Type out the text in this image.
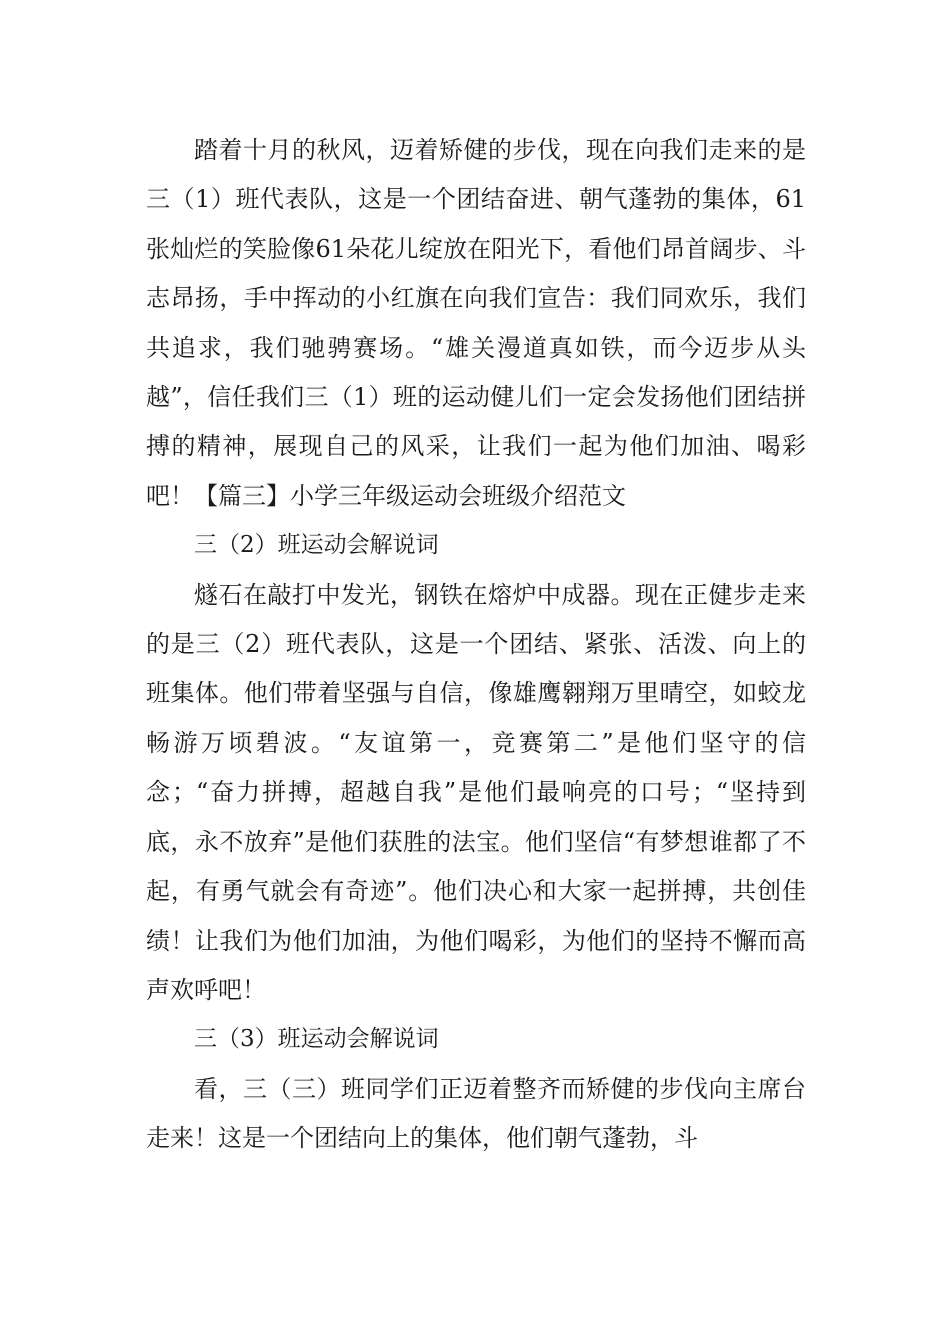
踏着十月的秋风，迈着矫健的步伐，现在向我们走来的是三（1）班代表队，这是一个团结奋进、朝气蓬勃的集体，61张灿烂的笑脸像61朵花儿绽放在阳光下，看他们昂首阔步、斗志昂扬，手中挥动的小红旗在向我们宣告：我们同欢乐，我们共追求，我们驰骋赛场。“雄关漫道真如铁，而今迈步从头越”，信任我们三（1）班的运动健儿们一定会发扬他们团结拼搏的精神，展现自己的风采，让我们一起为他们加油、喝彩吧！【篇三】小学三年级运动会班级介绍范文

三（2）班运动会解说词

燧石在敲打中发光，钢铁在熔炉中成器。现在正健步走来的是三（2）班代表队，这是一个团结、紧张、活泼、向上的班集体。他们带着坚强与自信，像雄鹰翱翔万里晴空，如蛟龙畅游万顷碧波。“友谊第一，竞赛第二”是他们坚守的信念；“奋力拼搏，超越自我”是他们最响亮的口号；“坚持到底，永不放弃”是他们获胜的法宝。他们坚信“有梦想谁都了不起，有勇气就会有奇迹”。他们决心和大家一起拼搏，共创佳绩！让我们为他们加油，为他们喝彩，为他们的坚持不懈而高声欢呼吧！

三（3）班运动会解说词

看，三（三）班同学们正迈着整齐而矫健的步伐向主席台走来！这是一个团结向上的集体，他们朝气蓬勃，斗
